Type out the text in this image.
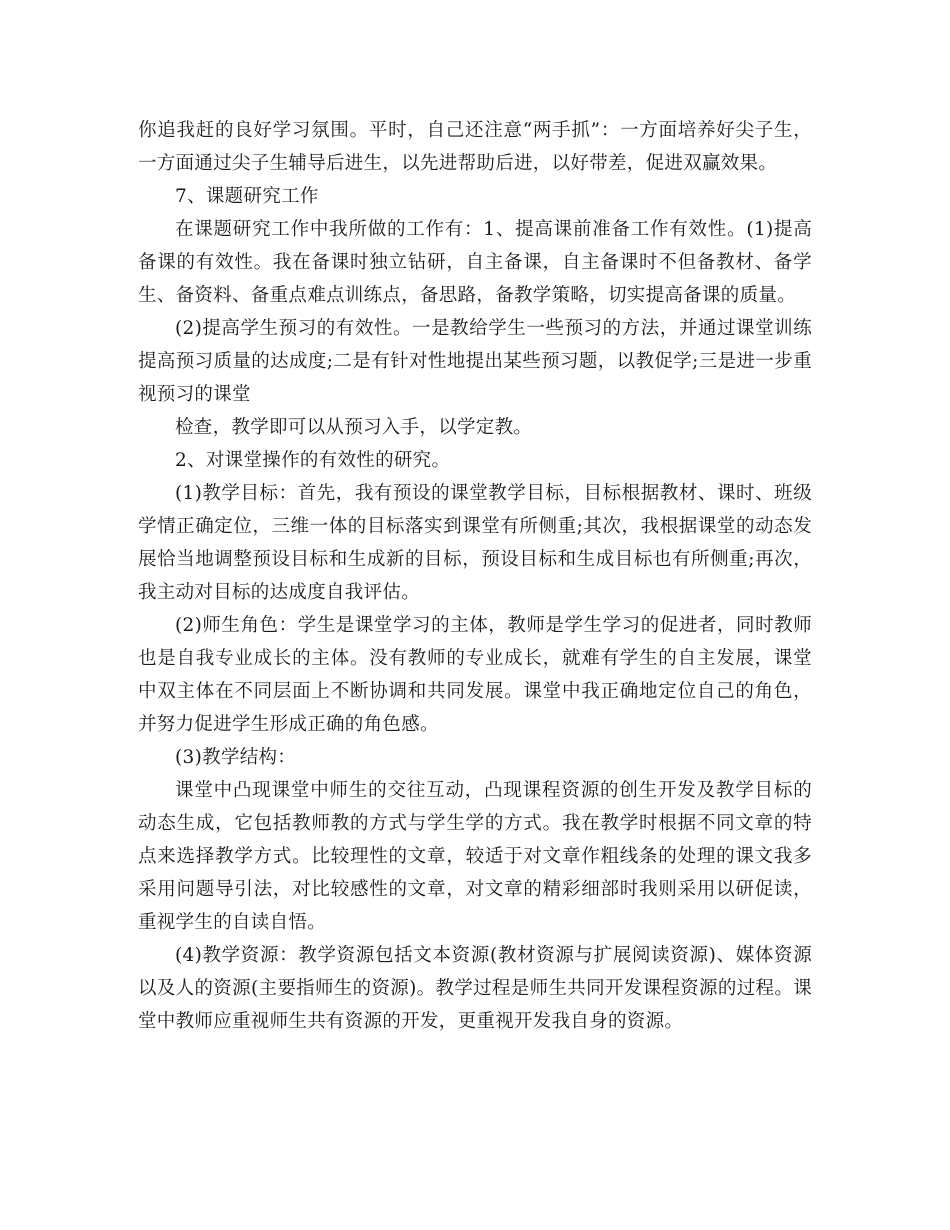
你追我赶的良好学习氛围。平时，自己还注意“两手抓”：一方面培养好尖子生，一方面通过尖子生辅导后进生，以先进帮助后进，以好带差，促进双赢效果。

7、课题研究工作

在课题研究工作中我所做的工作有：1、提高课前准备工作有效性。(1)提高备课的有效性。我在备课时独立钻研，自主备课，自主备课时不但备教材、备学生、备资料、备重点难点训练点，备思路，备教学策略，切实提高备课的质量。

(2)提高学生预习的有效性。一是教给学生一些预习的方法，并通过课堂训练提高预习质量的达成度;二是有针对性地提出某些预习题，以教促学;三是进一步重视预习的课堂

检查，教学即可以从预习入手，以学定教。

2、对课堂操作的有效性的研究。

(1)教学目标：首先，我有预设的课堂教学目标，目标根据教材、课时、班级学情正确定位，三维一体的目标落实到课堂有所侧重;其次，我根据课堂的动态发展恰当地调整预设目标和生成新的目标，预设目标和生成目标也有所侧重;再次，我主动对目标的达成度自我评估。

(2)师生角色：学生是课堂学习的主体，教师是学生学习的促进者，同时教师也是自我专业成长的主体。没有教师的专业成长，就难有学生的自主发展，课堂中双主体在不同层面上不断协调和共同发展。课堂中我正确地定位自己的角色，并努力促进学生形成正确的角色感。

(3)教学结构：

课堂中凸现课堂中师生的交往互动，凸现课程资源的创生开发及教学目标的动态生成，它包括教师教的方式与学生学的方式。我在教学时根据不同文章的特点来选择教学方式。比较理性的文章，较适于对文章作粗线条的处理的课文我多采用问题导引法，对比较感性的文章，对文章的精彩细部时我则采用以研促读，重视学生的自读自悟。

(4)教学资源：教学资源包括文本资源(教材资源与扩展阅读资源)、媒体资源以及人的资源(主要指师生的资源)。教学过程是师生共同开发课程资源的过程。课堂中教师应重视师生共有资源的开发，更重视开发我自身的资源。
